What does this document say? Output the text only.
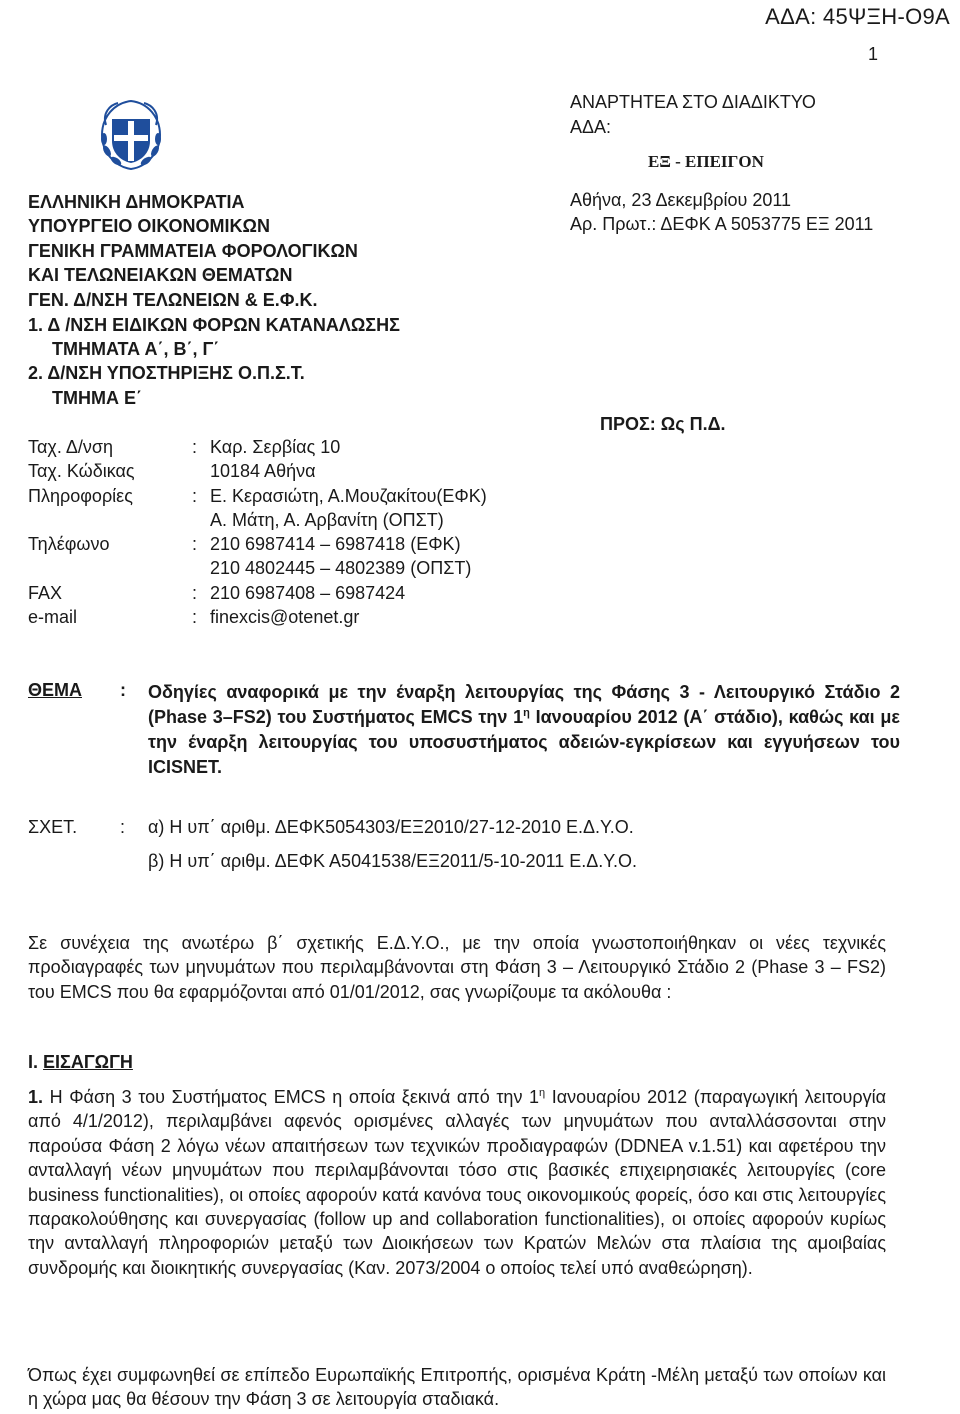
ΑΔΑ: 45ΨΞΗ-Ο9Α
1
ΕΛΛΗΝΙΚΗ ΔΗΜΟΚΡΑΤΙΑ
ΥΠΟΥΡΓΕΙΟ ΟΙΚΟΝΟΜΙΚΩΝ
ΓΕΝΙΚΗ ΓΡΑΜΜΑΤΕΙΑ ΦΟΡΟΛΟΓΙΚΩΝ
ΚΑΙ ΤΕΛΩΝΕΙΑΚΩΝ ΘΕΜΑΤΩΝ
ΓΕΝ. Δ/ΝΣΗ ΤΕΛΩΝΕΙΩΝ & Ε.Φ.Κ.
1. Δ /ΝΣΗ ΕΙΔΙΚΩΝ ΦΟΡΩΝ ΚΑΤΑΝΑΛΩΣΗΣ
ΤΜΗΜΑΤΑ Α΄, Β΄, Γ΄
2. Δ/ΝΣΗ ΥΠΟΣΤΗΡΙΞΗΣ Ο.Π.Σ.Τ.
ΤΜΗΜΑ Ε΄
ΑΝΑΡΤΗΤΕΑ ΣΤΟ ΔΙΑΔΙΚΤΥΟ
ΑΔΑ:
ΕΞ - ΕΠΕΙΓΟΝ
Αθήνα, 23 Δεκεμβρίου 2011
Αρ. Πρωτ.: ΔΕΦΚ Α 5053775 ΕΞ 2011
ΠΡΟΣ: Ως Π.Δ.
Ταχ. Δ/νση	: Καρ. Σερβίας 10
Ταχ. Κώδικας	10184 Αθήνα
Πληροφορίες	: Ε. Κερασιώτη, Α.Μουζακίτου(ΕΦΚ)
Α. Μάτη, Α. Αρβανίτη (ΟΠΣΤ)
Τηλέφωνο	: 210 6987414 – 6987418 (ΕΦΚ)
210 4802445 – 4802389 (ΟΠΣΤ)
FAX	: 210 6987408 – 6987424
e-mail	: finexcis@otenet.gr
ΘΕΜΑ : Οδηγίες αναφορικά με την έναρξη λειτουργίας της Φάσης 3 - Λειτουργικό Στάδιο 2 (Phase 3–FS2) του Συστήματος EMCS την $1^\eta$ Ιανουαρίου 2012 (Α΄ στάδιο), καθώς και με την έναρξη λειτουργίας του υποσυστήματος αδειών-εγκρίσεων και εγγυήσεων του ICISNET.
ΣΧΕΤ. : α) Η υπ΄ αριθμ. ΔΕΦΚ5054303/ΕΞ2010/27-12-2010 Ε.Δ.Υ.Ο.
β) Η υπ΄ αριθμ. ΔΕΦΚ Α5041538/ΕΞ2011/5-10-2011 Ε.Δ.Υ.Ο.
Σε συνέχεια της ανωτέρω β΄ σχετικής Ε.Δ.Υ.Ο., με την οποία γνωστοποιήθηκαν οι νέες τεχνικές προδιαγραφές των μηνυμάτων που περιλαμβάνονται στη Φάση 3 – Λειτουργικό Στάδιο 2 (Phase 3 – FS2) του EMCS που θα εφαρμόζονται από 01/01/2012, σας γνωρίζουμε τα ακόλουθα :
Ι. ΕΙΣΑΓΩΓΗ
1. Η Φάση 3 του Συστήματος EMCS η οποία ξεκινά από την $1^\eta$ Ιανουαρίου 2012 (παραγωγική λειτουργία από 4/1/2012), περιλαμβάνει αφενός ορισμένες αλλαγές των μηνυμάτων που ανταλλάσσονται στην παρούσα Φάση 2 λόγω νέων απαιτήσεων των τεχνικών προδιαγραφών (DDNEA v.1.51) και αφετέρου την ανταλλαγή νέων μηνυμάτων που περιλαμβάνονται τόσο στις βασικές επιχειρησιακές λειτουργίες (core business functionalities), οι οποίες αφορούν κατά κανόνα τους οικονομικούς φορείς, όσο και στις λειτουργίες παρακολούθησης και συνεργασίας (follow up and collaboration functionalities), οι οποίες αφορούν κυρίως την ανταλλαγή πληροφοριών μεταξύ των Διοικήσεων των Κρατών Μελών στα πλαίσια της αμοιβαίας συνδρομής και διοικητικής συνεργασίας (Καν. 2073/2004 ο οποίος τελεί υπό αναθεώρηση).
Όπως έχει συμφωνηθεί σε επίπεδο Ευρωπαϊκής Επιτροπής, ορισμένα Κράτη -Μέλη μεταξύ των οποίων και η χώρα μας θα θέσουν την Φάση 3 σε λειτουργία σταδιακά.
